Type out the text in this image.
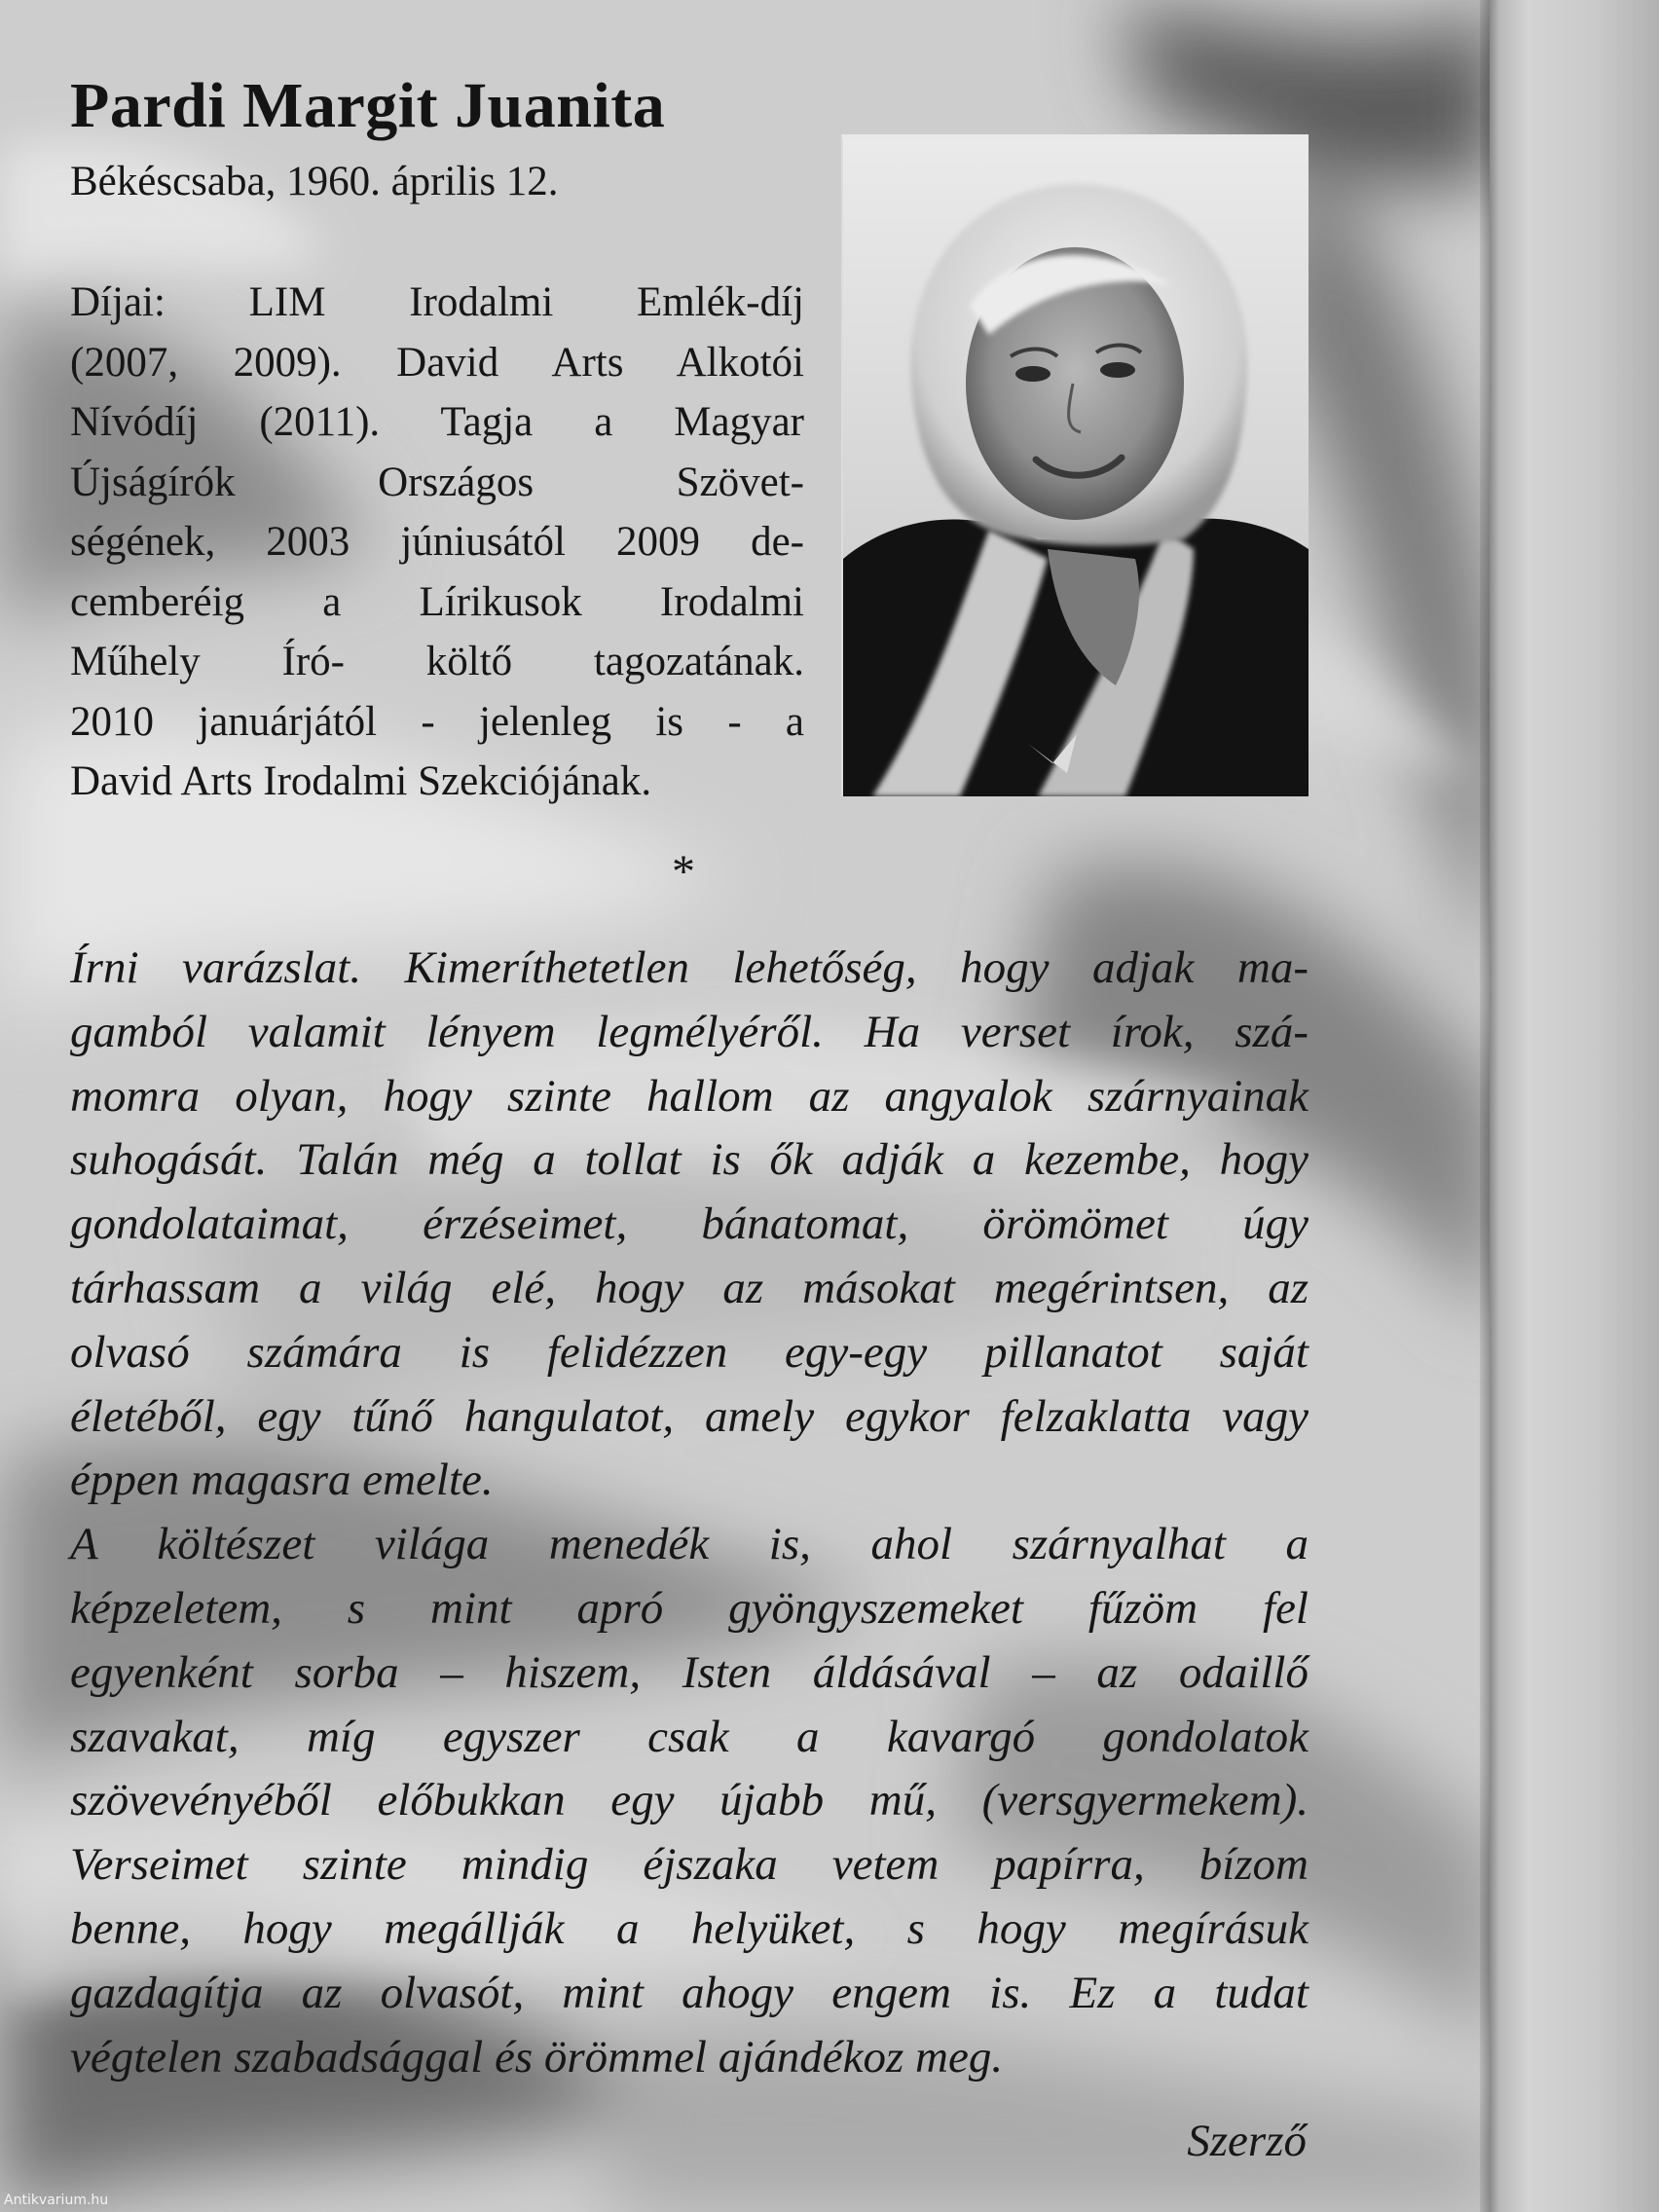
Pardi Margit Juanita

Békéscsaba, 1960. április 12.

Díjai: LIM Irodalmi Emlék-díj
(2007, 2009). David Arts Alkotói
Nívódíj (2011). Tagja a Magyar
Újságírók Országos Szövet-
ségének, 2003 júniusától 2009 de-
cemberéig a Lírikusok Irodalmi
Műhely Író- költő tagozatának.
2010 januárjától - jelenleg is - a
David Arts Irodalmi Szekciójának.

*

Írni varázslat. Kimeríthetetlen lehetőség, hogy adjak ma-
gamból valamit lényem legmélyéről. Ha verset írok, szá-
momra olyan, hogy szinte hallom az angyalok szárnyainak
suhogását. Talán még a tollat is ők adják a kezembe, hogy
gondolataimat, érzéseimet, bánatomat, örömömet úgy
tárhassam a világ elé, hogy az másokat megérintsen, az
olvasó számára is felidézzen egy-egy pillanatot saját
életéből, egy tűnő hangulatot, amely egykor felzaklatta vagy
éppen magasra emelte.
A költészet világa menedék is, ahol szárnyalhat a
képzeletem, s mint apró gyöngyszemeket fűzöm fel
egyenként sorba – hiszem, Isten áldásával – az odaillő
szavakat, míg egyszer csak a kavargó gondolatok
szövevényéből előbukkan egy újabb mű, (versgyermekem).
Verseimet szinte mindig éjszaka vetem papírra, bízom
benne, hogy megállják a helyüket, s hogy megírásuk
gazdagítja az olvasót, mint ahogy engem is. Ez a tudat
végtelen szabadsággal és örömmel ajándékoz meg.

Szerző

Antikvarium.hu
